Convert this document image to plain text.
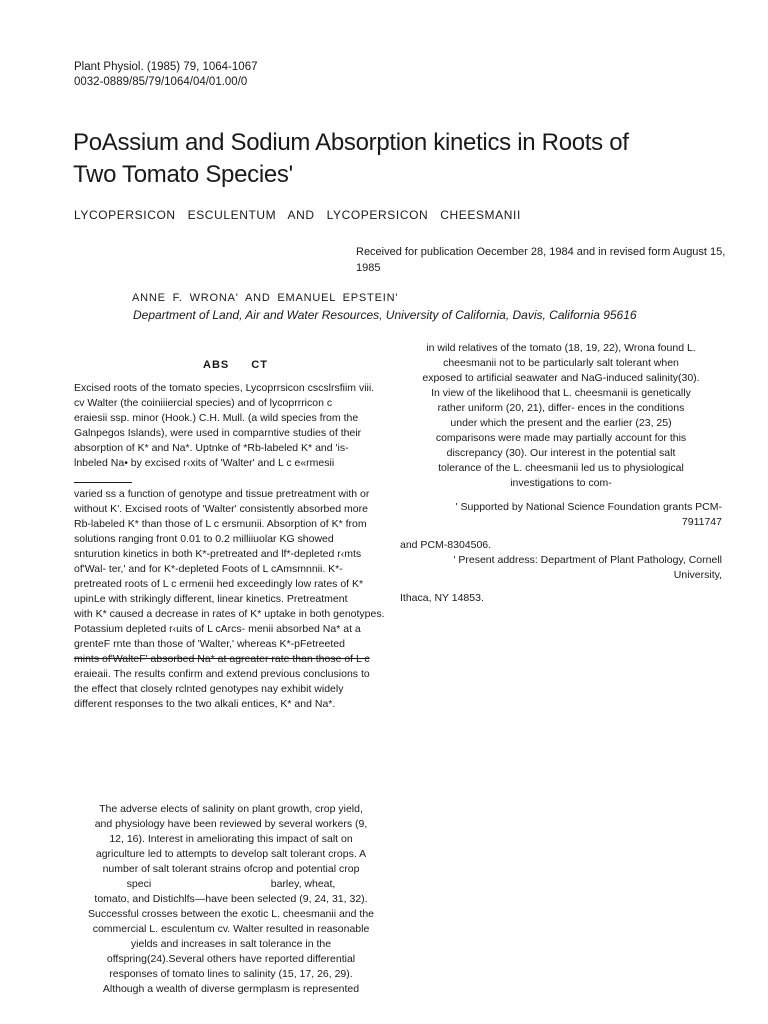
Plant Physiol. (1985) 79, 1064-1067
0032-0889/85/79/1064/04/01.00/0
PoAssium and Sodium Absorption kinetics in Roots of
Two Tomato Species'
LYCOPERSICON ESCULENTUM AND LYCOPERSICON CHEESMANII
Received for publication Oecember 28, 1984 and in revised form August 15, 1985
ANNE F. WRONA' AND EMANUEL EPSTEIN'
Department of Land, Air and Water Resources, University of California, Davis, California 95616
ABS CT
Excised roots of the tomato species, Lycoprrsicon cscslrsfiim viii.
cv Walter (the coiniiiercial species) and of lycoprrricon c
eraiesii ssp. minor (Hook.) C.H. Mull. (a wild species from the
Galnpegos Islands), were used in comparntive studies of their
absorption of K* and Na*. Uptnke of *Rb-labeled K* and 'is-
lnbeled Na• by excised r‹xits of 'Walter' and L c e«rmesii
varied ss a function of genotype and tissue pretreatment with or
without K'. Excised roots of 'Walter' consistently absorbed more
Rb-labeled K* than those of L c ersmunii. Absorption of K* from
solutions ranging front 0.01 to 0.2 milliiuolar KG showed
snturution kinetics in both K*-pretreated and lf*-depleted r‹mts
of'Wal- ter,' and for K*-depleted Foots of L cAmsmnnii. K*-
pretreated roots of L c ermenii hed exceedingly low rates of K*
upinLe with strikingly different, linear kinetics. Pretreatment
with K* caused a decrease in rates of K* uptake in both genotypes.
Potassium depleted r‹uits of L cArcs- menii absorbed Na* at a
grenteF rnte than those of 'Walter,' whereas K*-pFetreeted
mints of'WalteF' absorbed Na* at agreater rate than those of L c
eraieaii. The results confirm and extend previous conclusions to
the effect that closely rclnted genotypes nay exhibit widely
different responses to the two alkali entices, K* and Na*.
The adverse elects of salinity on plant growth, crop yield,
and physiology have been reviewed by several workers (9,
12, 16). Interest in ameliorating this impact of salt on
agriculture led to attempts to develop salt tolerant crops. A
number of salt tolerant strains ofcrop and potential crop
speci                                         barley, wheat,
tomato, and Distichlfs—have been selected (9, 24, 31, 32).
Successful crosses between the exotic L. cheesmanii and the
commercial L. esculentum cv. Walter resulted in reasonable
yields and increases in salt tolerance in the
offspring(24).Several others have reported differential
responses of tomato lines to salinity (15, 17, 26, 29).
Although a wealth of diverse germplasm is represented
in wild relatives of the tomato (18, 19, 22), Wrona found L.
cheesmanii not to be particularly salt tolerant when
exposed to artificial seawater and NaG-induced salinity(30).
In view of the likelihood that L. cheesmanii is genetically
rather uniform (20, 21), differ- ences in the conditions
under which the present and the earlier (23, 25)
comparisons were made may partially account for this
discrepancy (30). Our interest in the potential salt
tolerance of the L. cheesmanii led us to physiological
investigations to com-
' Supported by National Science Foundation grants PCM-
7911747
and PCM-8304506.
' Present address: Department of Plant Pathology, Cornell
University,
Ithaca, NY 14853.
